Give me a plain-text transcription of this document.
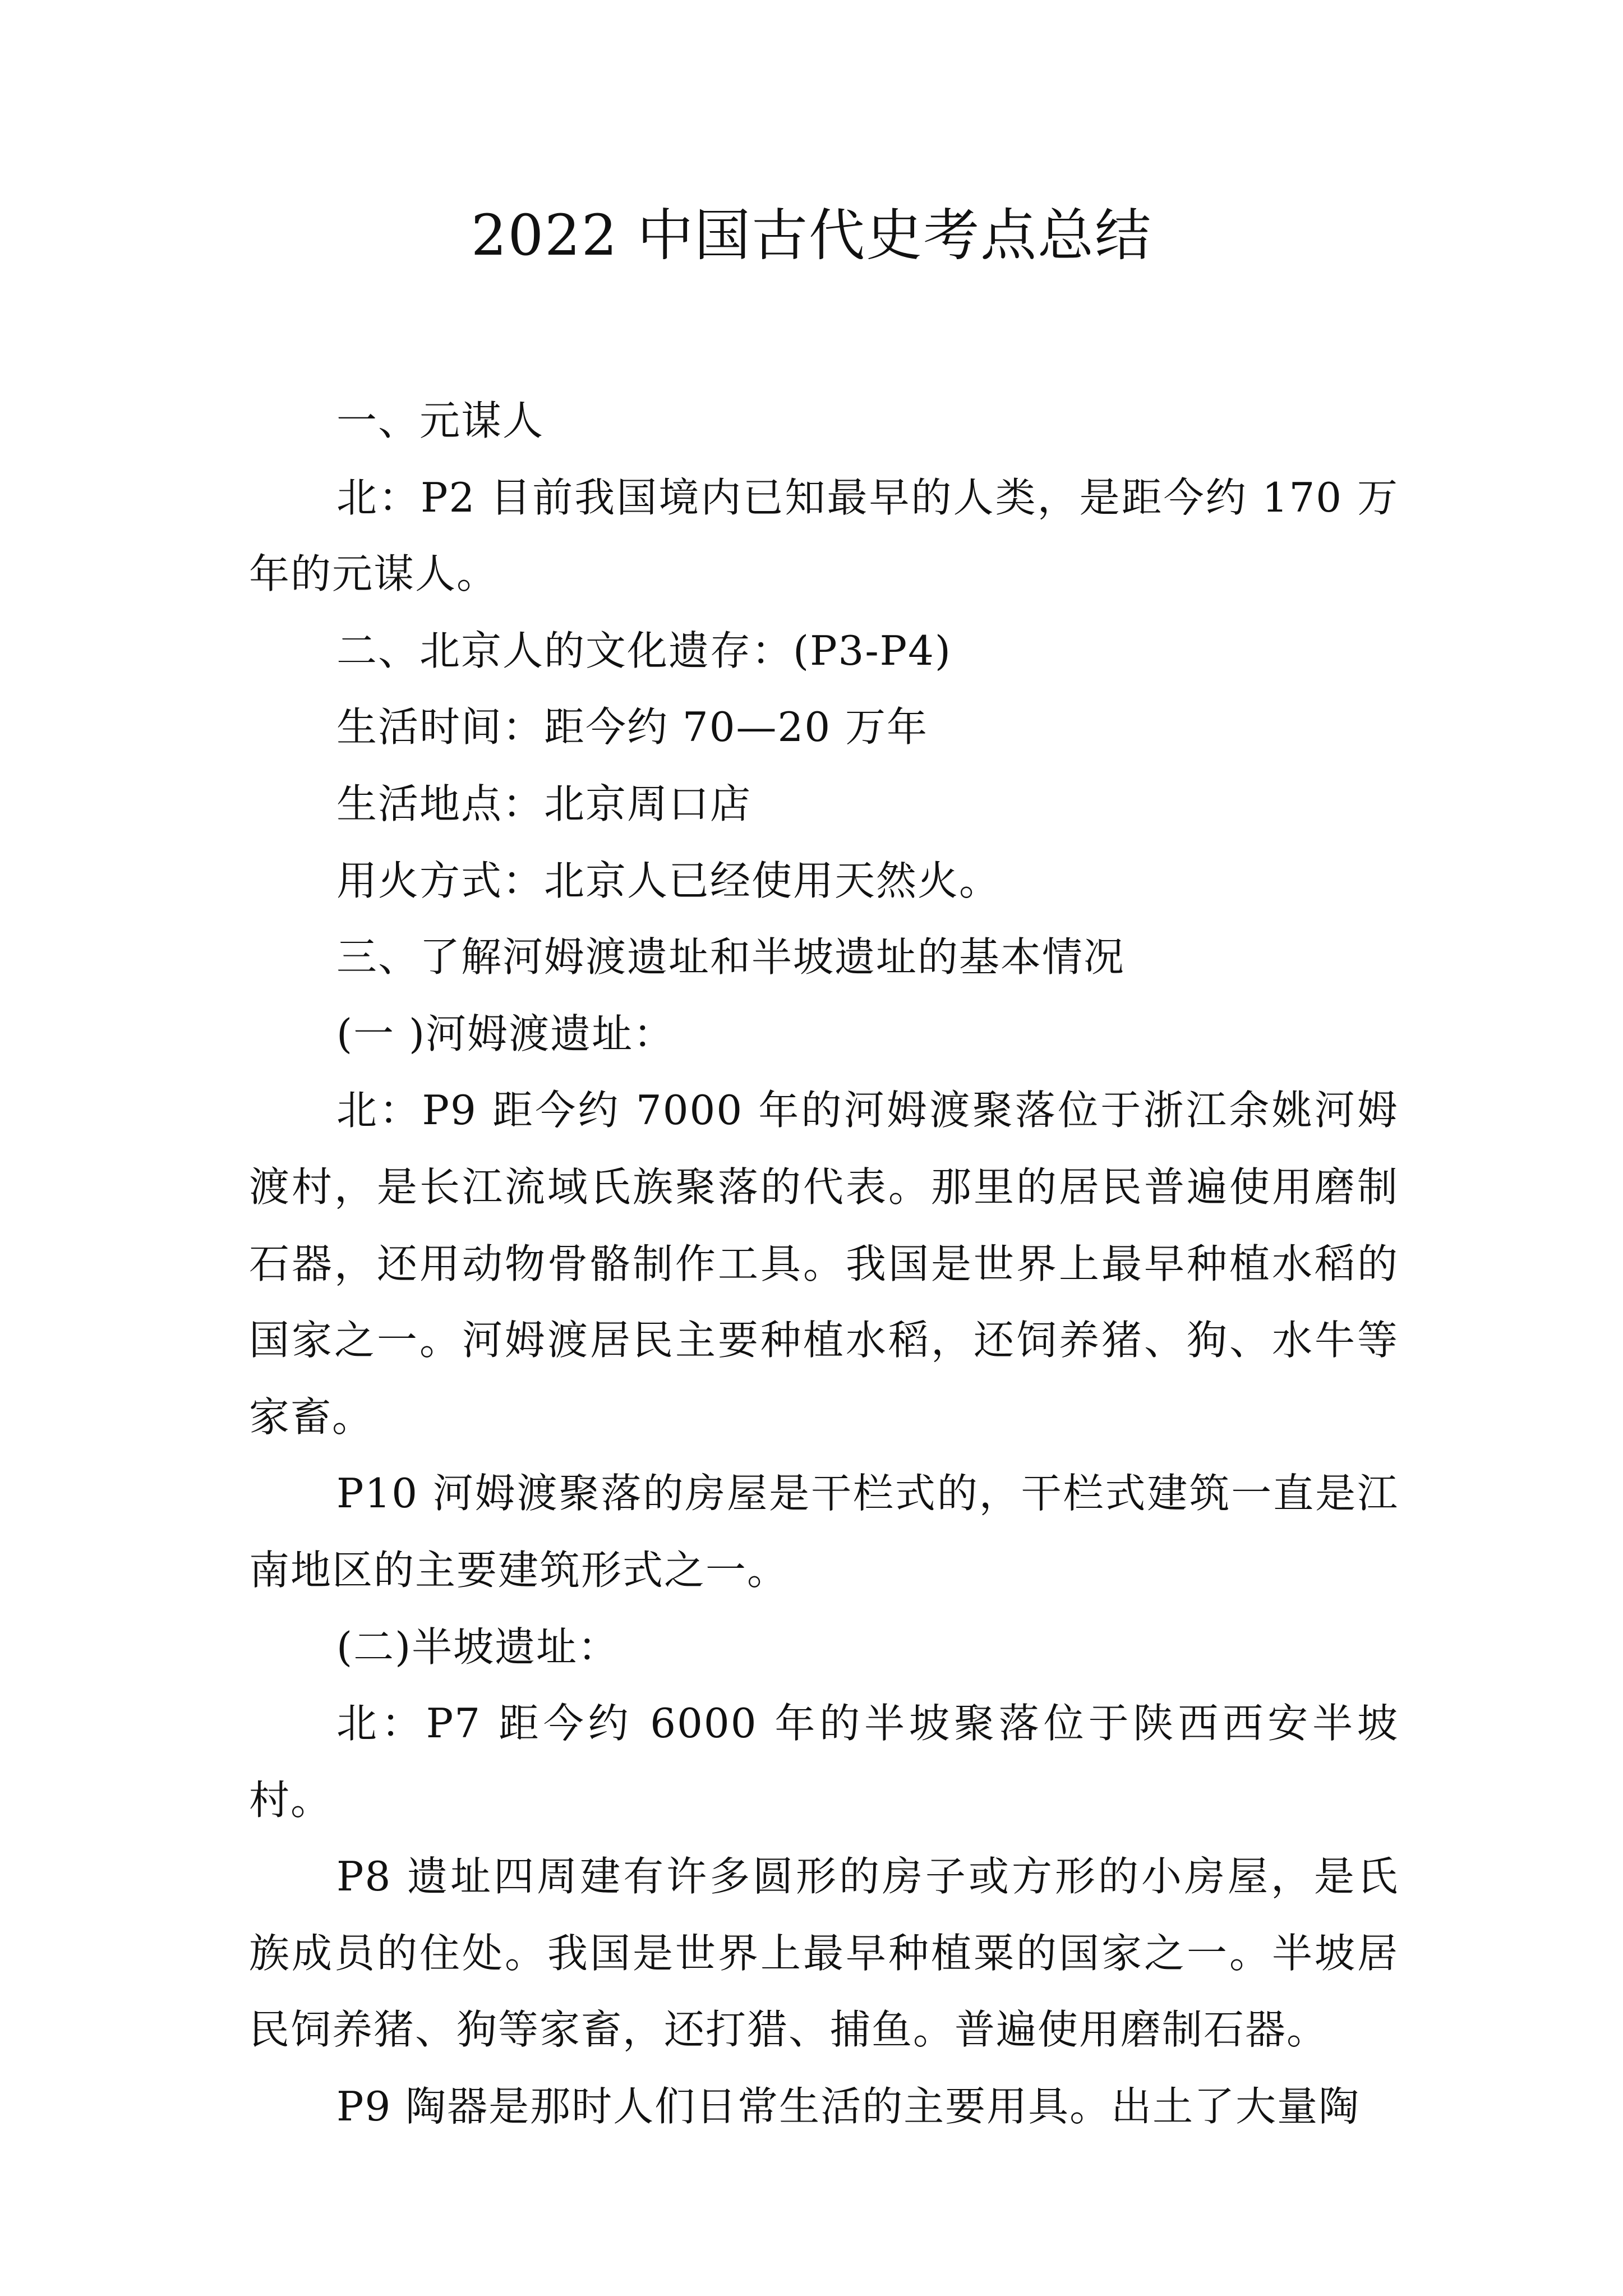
2022 中国古代史考点总结

一、元谋人

北：P2 目前我国境内已知最早的人类，是距今约 170 万年的元谋人。

二、北京人的文化遗存：(P3-P4)

生活时间：距今约 70—20 万年

生活地点：北京周口店

用火方式：北京人已经使用天然火。

三、了解河姆渡遗址和半坡遗址的基本情况

(一 )河姆渡遗址：

北：P9 距今约 7000 年的河姆渡聚落位于浙江余姚河姆渡村，是长江流域氏族聚落的代表。那里的居民普遍使用磨制石器，还用动物骨骼制作工具。我国是世界上最早种植水稻的国家之一。河姆渡居民主要种植水稻，还饲养猪、狗、水牛等家畜。

P10 河姆渡聚落的房屋是干栏式的，干栏式建筑一直是江南地区的主要建筑形式之一。

(二)半坡遗址：

北：P7 距今约 6000 年的半坡聚落位于陕西西安半坡村。

P8 遗址四周建有许多圆形的房子或方形的小房屋，是氏族成员的住处。我国是世界上最早种植粟的国家之一。半坡居民饲养猪、狗等家畜，还打猎、捕鱼。普遍使用磨制石器。

P9 陶器是那时人们日常生活的主要用具。出土了大量陶
